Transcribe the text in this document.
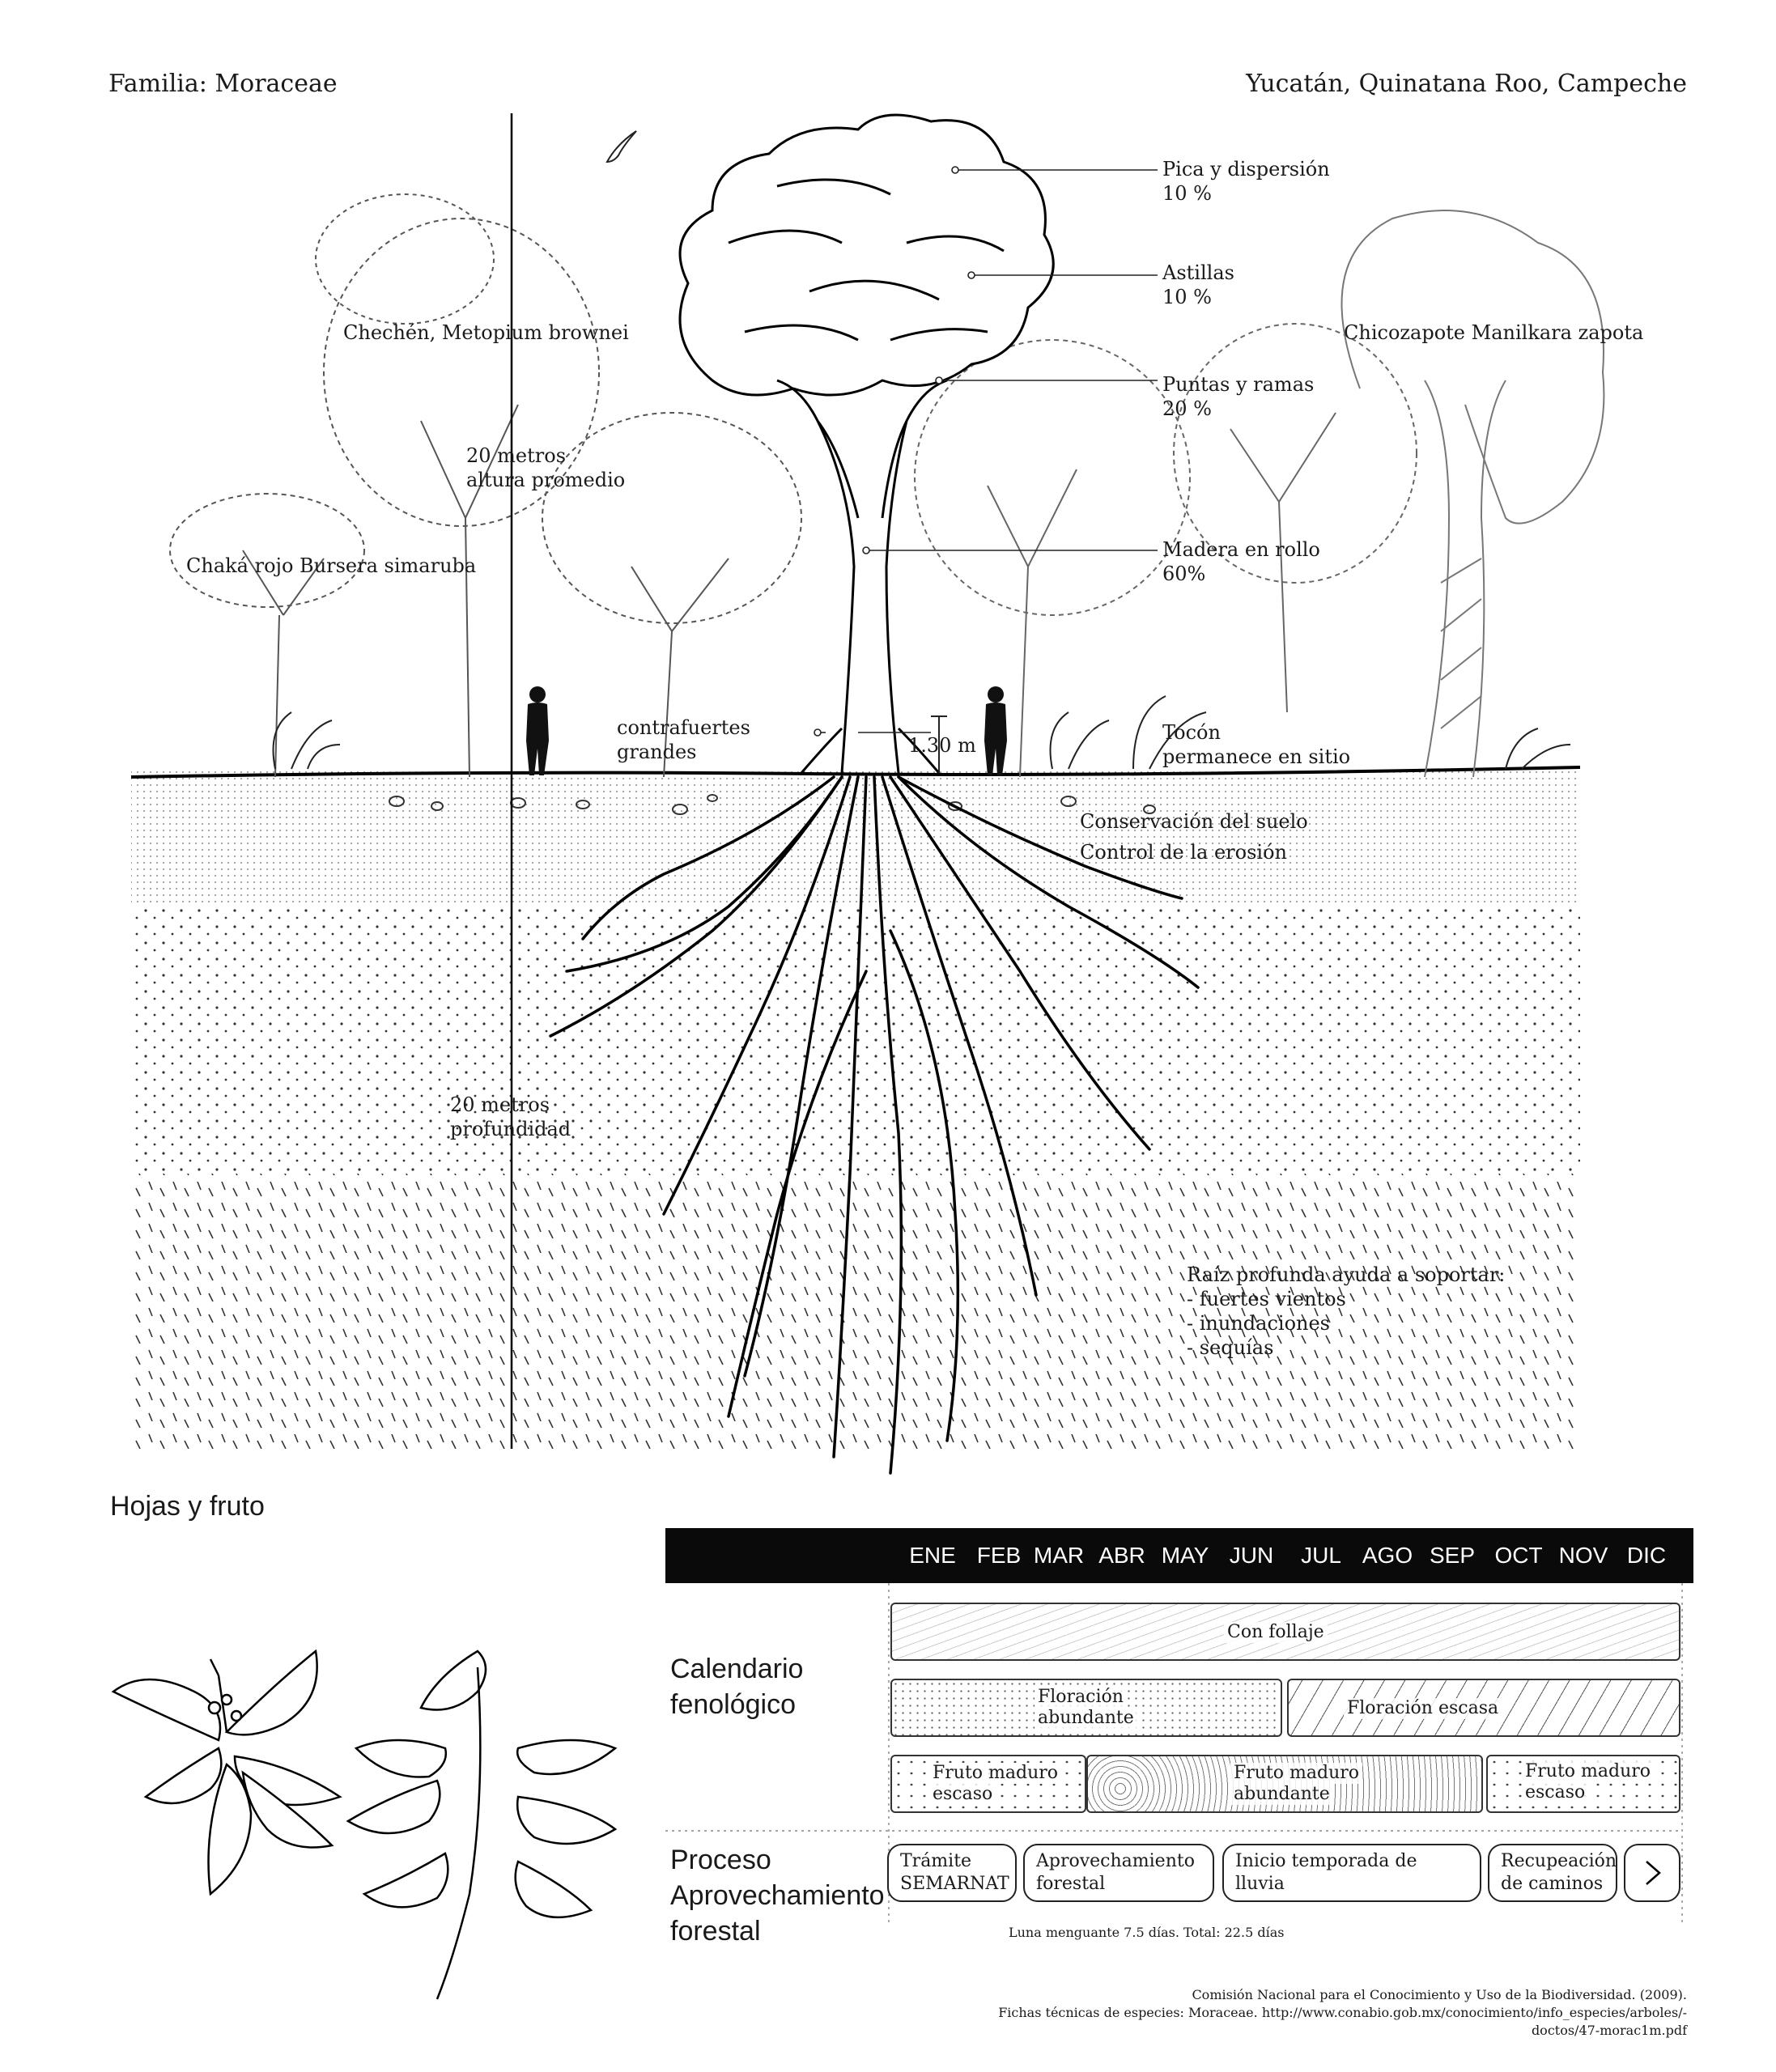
Familia: Moraceae	Yucatán, Quinatana Roo, Campeche
Chechén, Metopium brownei
Chaká rojo Bursera simaruba
Chicozapote Manilkara zapota
20 metros
altura promedio
20 metros
profundidad
Pica y dispersión
10 %
Astillas
10 %
Puntas y ramas
20 %
Madera en rollo
60%
contrafuertes
grandes	1.30 m
Tocón
permanece en sitio
Conservación del suelo
Control de la erosión
Raíz profunda ayuda a soportar:
- fuertes vientos
- inundaciones
- sequías
Hojas y fruto
ENE FEB MAR ABR MAY JUN	JUL AGO SEP OCT NOV DIC
Calendario
fenológico
Con follaje
Floración
abundante	Floración escasa
Fruto maduro
escaso
Fruto maduro
abundante
Fruto maduro
escaso
Proceso
Aprovechamiento
forestal
Trámite
SEMARNAT
Aprovechamiento
forestal
Inicio temporada de
lluvia
Recupeación
de caminos
Luna menguante 7.5 días. Total: 22.5 días
Comisión Nacional para el Conocimiento y Uso de la Biodiversidad. (2009).
Fichas técnicas de especies: Moraceae. http://www.conabio.gob.mx/conocimiento/info_especies/arboles/-
doctos/47-morac1m.pdf
